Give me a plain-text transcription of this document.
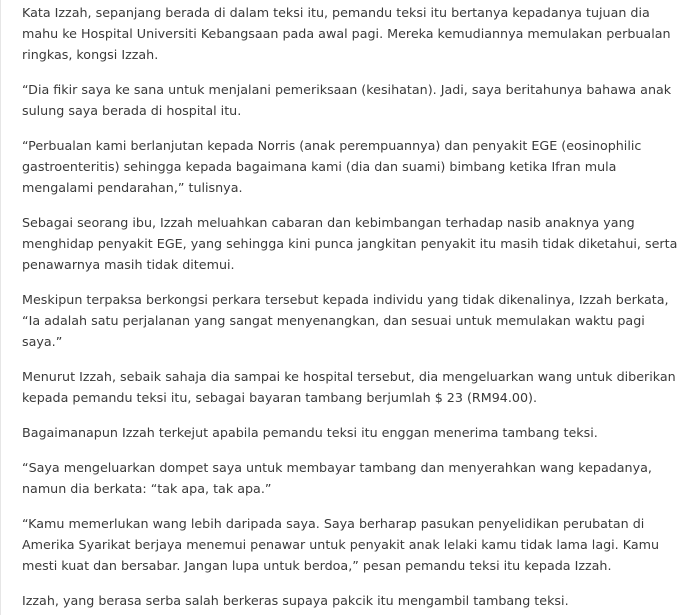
Kata Izzah, sepanjang berada di dalam teksi itu, pemandu teksi itu bertanya kepadanya tujuan dia mahu ke Hospital Universiti Kebangsaan pada awal pagi. Mereka kemudiannya memulakan perbualan ringkas, kongsi Izzah.

“Dia fikir saya ke sana untuk menjalani pemeriksaan (kesihatan). Jadi, saya beritahunya bahawa anak sulung saya berada di hospital itu.

“Perbualan kami berlanjutan kepada Norris (anak perempuannya) dan penyakit EGE (eosinophilic gastroenteritis) sehingga kepada bagaimana kami (dia dan suami) bimbang ketika Ifran mula mengalami pendarahan,” tulisnya.

Sebagai seorang ibu, Izzah meluahkan cabaran dan kebimbangan terhadap nasib anaknya yang menghidap penyakit EGE, yang sehingga kini punca jangkitan penyakit itu masih tidak diketahui, serta penawarnya masih tidak ditemui.

Meskipun terpaksa berkongsi perkara tersebut kepada individu yang tidak dikenalinya, Izzah berkata, “Ia adalah satu perjalanan yang sangat menyenangkan, dan sesuai untuk memulakan waktu pagi saya.”

Menurut Izzah, sebaik sahaja dia sampai ke hospital tersebut, dia mengeluarkan wang untuk diberikan kepada pemandu teksi itu, sebagai bayaran tambang berjumlah $ 23 (RM94.00).

Bagaimanapun Izzah terkejut apabila pemandu teksi itu enggan menerima tambang teksi.

“Saya mengeluarkan dompet saya untuk membayar tambang dan menyerahkan wang kepadanya, namun dia berkata: “tak apa, tak apa.”

“Kamu memerlukan wang lebih daripada saya. Saya berharap pasukan penyelidikan perubatan di Amerika Syarikat berjaya menemui penawar untuk penyakit anak lelaki kamu tidak lama lagi. Kamu mesti kuat dan bersabar. Jangan lupa untuk berdoa,” pesan pemandu teksi itu kepada Izzah.

Izzah, yang berasa serba salah berkeras supaya pakcik itu mengambil tambang teksi.
